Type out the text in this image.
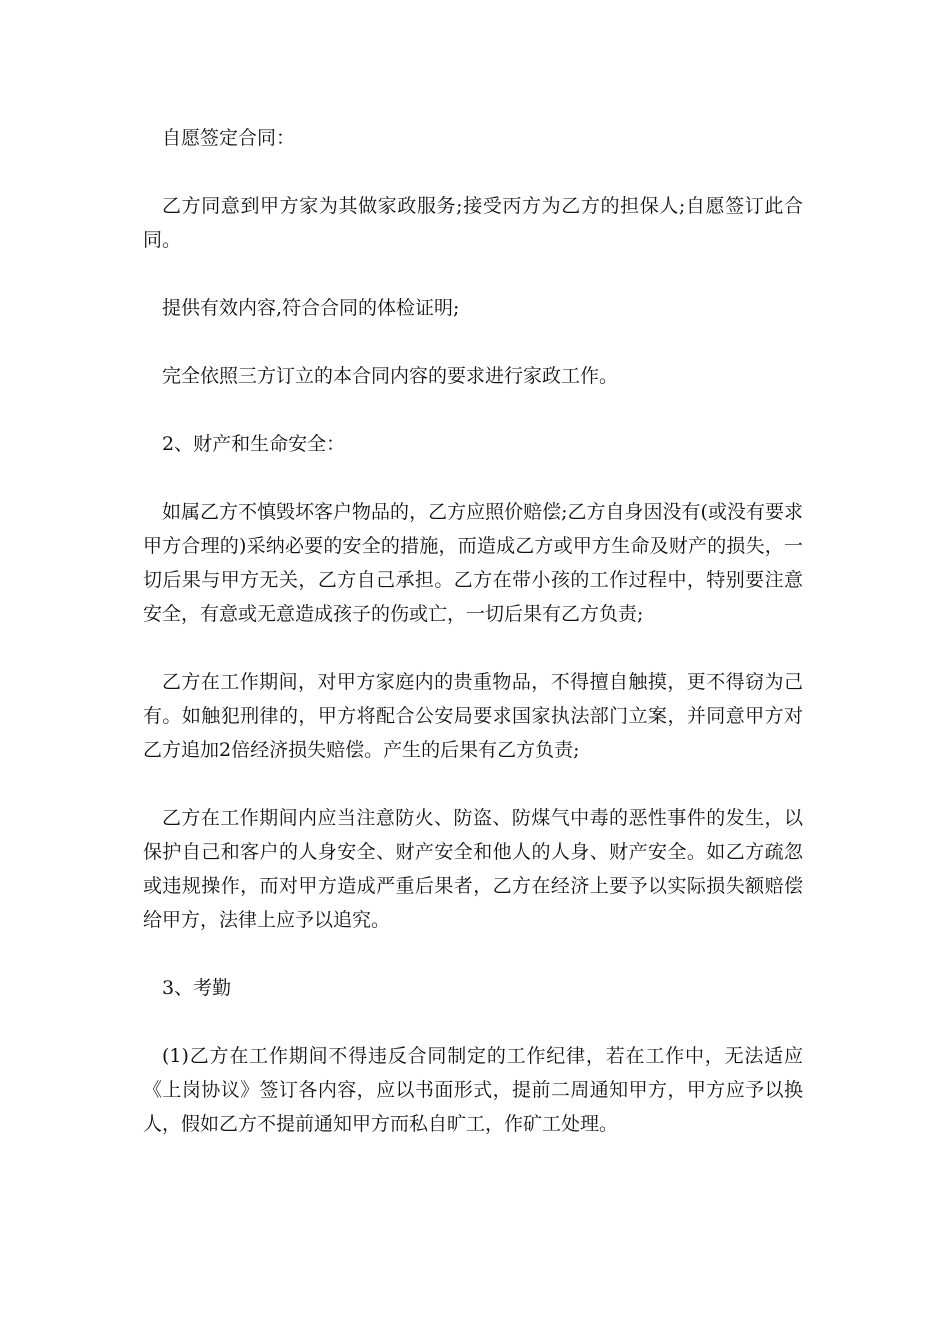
自愿签定合同：

乙方同意到甲方家为其做家政服务;接受丙方为乙方的担保人;自愿签订此合同。

提供有效内容,符合合同的体检证明;

完全依照三方订立的本合同内容的要求进行家政工作。

2、财产和生命安全：

如属乙方不慎毁坏客户物品的，乙方应照价赔偿;乙方自身因没有(或没有要求甲方合理的)采纳必要的安全的措施，而造成乙方或甲方生命及财产的损失，一切后果与甲方无关，乙方自己承担。乙方在带小孩的工作过程中，特别要注意安全，有意或无意造成孩子的伤或亡，一切后果有乙方负责;

乙方在工作期间，对甲方家庭内的贵重物品，不得擅自触摸，更不得窃为己有。如触犯刑律的，甲方将配合公安局要求国家执法部门立案，并同意甲方对乙方追加2倍经济损失赔偿。产生的后果有乙方负责;

乙方在工作期间内应当注意防火、防盗、防煤气中毒的恶性事件的发生，以保护自己和客户的人身安全、财产安全和他人的人身、财产安全。如乙方疏忽或违规操作，而对甲方造成严重后果者，乙方在经济上要予以实际损失额赔偿给甲方，法律上应予以追究。

3、考勤

(1)乙方在工作期间不得违反合同制定的工作纪律，若在工作中，无法适应《上岗协议》签订各内容，应以书面形式，提前二周通知甲方，甲方应予以换人，假如乙方不提前通知甲方而私自旷工，作矿工处理。
